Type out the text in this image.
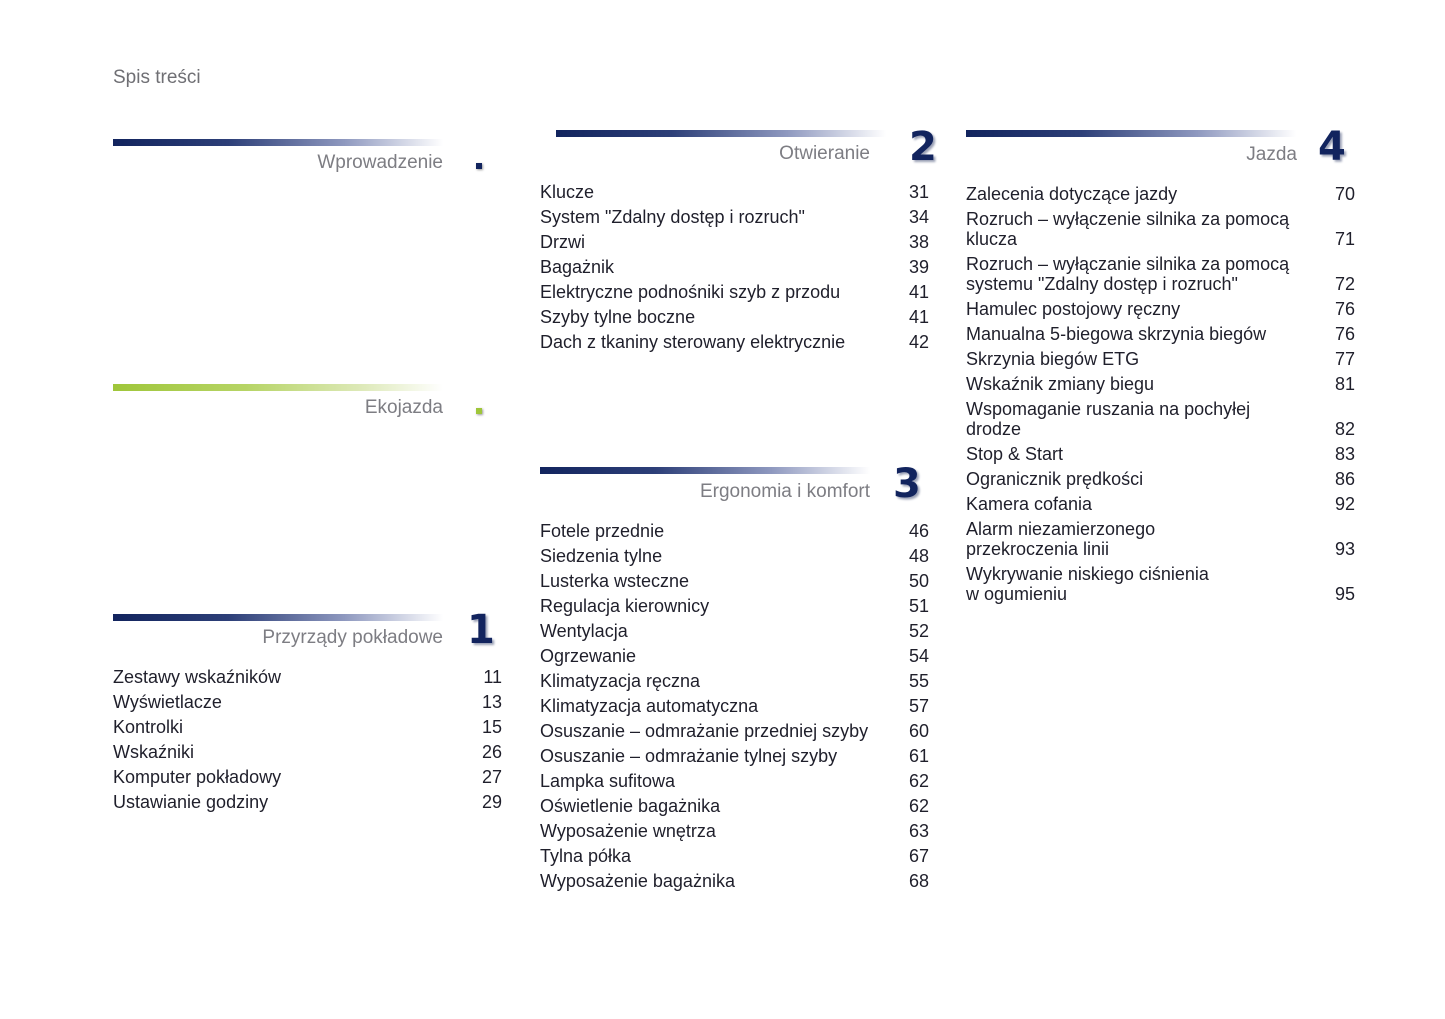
Spis treści
Wprowadzenie
Ekojazda
Przyrządy pokładowe 1
Zestawy wskaźników	11
Wyświetlacze	13
Kontrolki	15
Wskaźniki	26
Komputer pokładowy	27
Ustawianie godziny	29
Otwieranie 2
Klucze	31
System "Zdalny dostęp i rozruch"	34
Drzwi	38
Bagażnik	39
Elektryczne podnośniki szyb z przodu	41
Szyby tylne boczne	41
Dach z tkaniny sterowany elektrycznie	42
Ergonomia i komfort 3
Fotele przednie	46
Siedzenia tylne	48
Lusterka wsteczne	50
Regulacja kierownicy	51
Wentylacja	52
Ogrzewanie	54
Klimatyzacja ręczna	55
Klimatyzacja automatyczna	57
Osuszanie – odmrażanie przedniej szyby 60
Osuszanie – odmrażanie tylnej szyby	61
Lampka sufitowa	62
Oświetlenie bagażnika	62
Wyposażenie wnętrza	63
Tylna półka	67
Wyposażenie bagażnika	68
Jazda 4
Zalecenia dotyczące jazdy	70
Rozruch – wyłączenie silnika za pomocą klucza	71
Rozruch – wyłączanie silnika za pomocą systemu "Zdalny dostęp i rozruch"	72
Hamulec postojowy ręczny	76
Manualna 5-biegowa skrzynia biegów	76
Skrzynia biegów ETG	77
Wskaźnik zmiany biegu	81
Wspomaganie ruszania na pochyłej drodze	82
Stop & Start	83
Ogranicznik prędkości	86
Kamera cofania	92
Alarm niezamierzonego przekroczenia linii	93
Wykrywanie niskiego ciśnienia w ogumieniu	95
